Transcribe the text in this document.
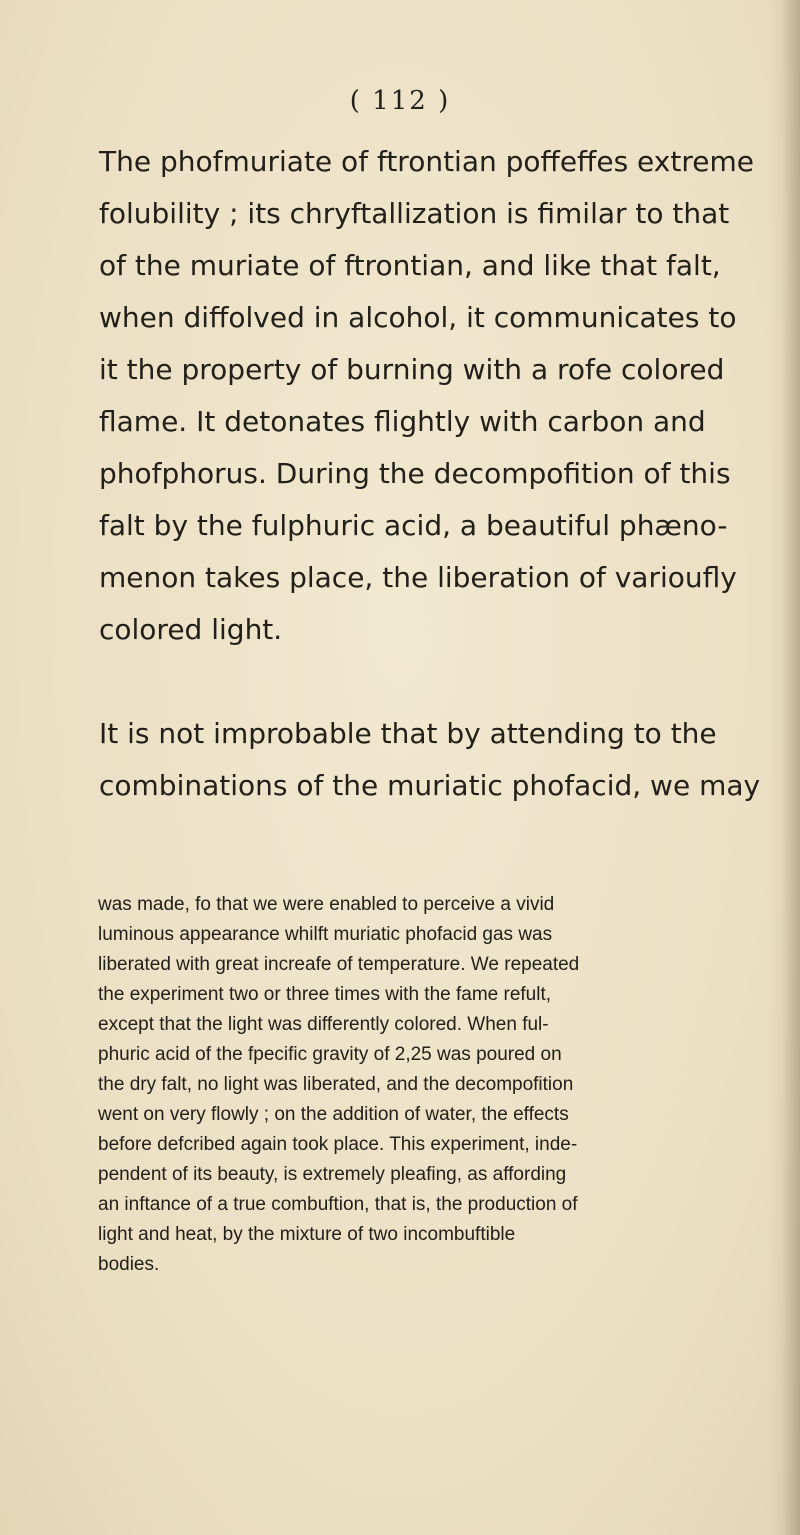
( 112 )

The phofmuriate of ftrontian poffeffes extreme

folubility ; its chryftallization is fimilar to that

of the muriate of ftrontian, and like that falt,

when diffolved in alcohol, it communicates to

it the property of burning with a rofe colored

flame. It detonates flightly with carbon and

phofphorus. During the decompofition of this

falt by the fulphuric acid, a beautiful phæno-

menon takes place, the liberation of varioufly

colored light.

It is not improbable that by attending to the

combinations of the muriatic phofacid, we may

was made, fo that we were enabled to perceive a vivid

luminous appearance whilft muriatic phofacid gas was

liberated with great increafe of temperature. We repeated

the experiment two or three times with the fame refult,

except that the light was differently colored. When ful-

phuric acid of the fpecific gravity of 2,25 was poured on

the dry falt, no light was liberated, and the decompofition

went on very flowly ; on the addition of water, the effects

before defcribed again took place. This experiment, inde-

pendent of its beauty, is extremely pleafing, as affording

an inftance of a true combuftion, that is, the production of

light and heat, by the mixture of two incombuftible

bodies.
